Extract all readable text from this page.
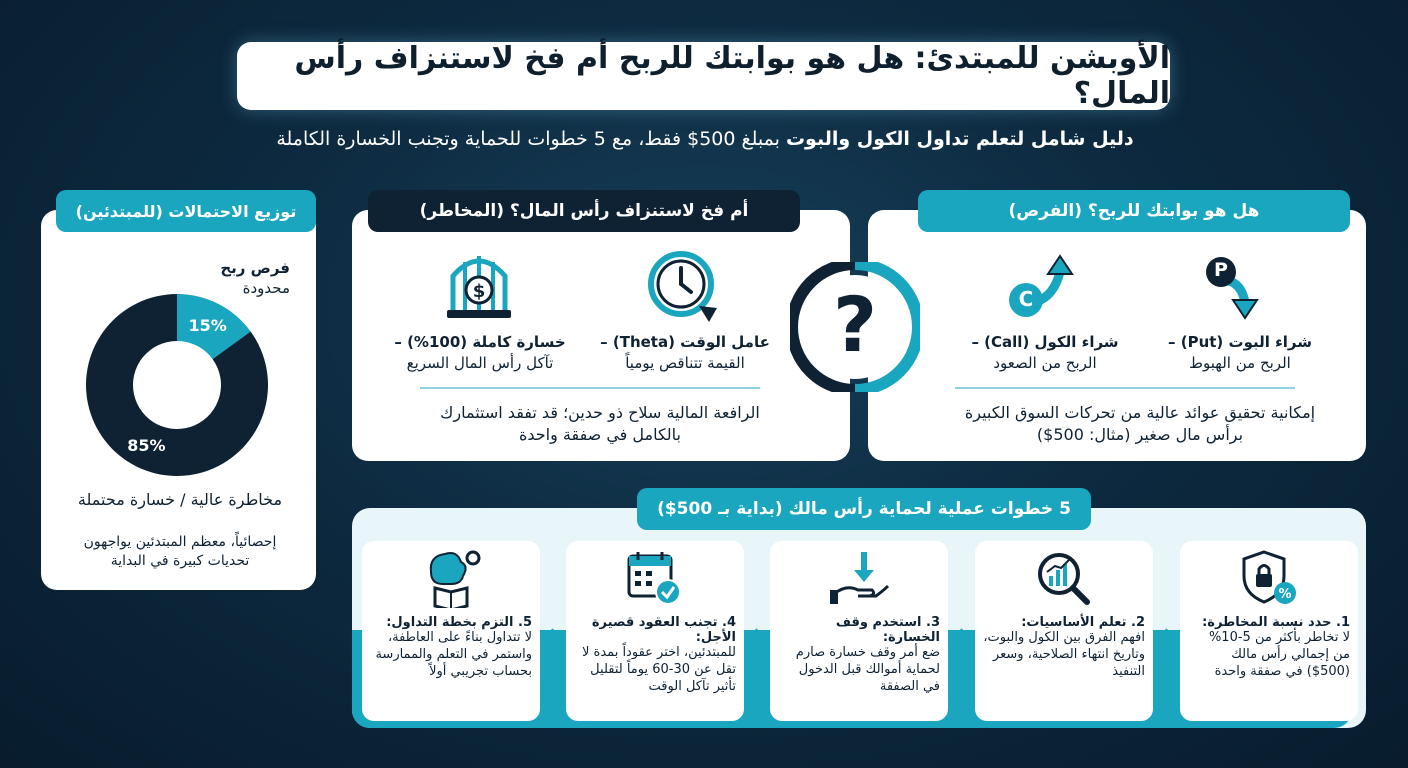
الأوبشن للمبتدئ: هل هو بوابتك للربح أم فخ لاستنزاف رأس المال؟
دليل شامل لتعلم تداول الكول والبوت بمبلغ 500$ فقط، مع 5 خطوات للحماية وتجنب الخسارة الكاملة
هل هو بوابتك للربح؟ (الفرص)
P
شراء البوت (Put) –
الربح من الهبوط
C
شراء الكول (Call) –
الربح من الصعود
إمكانية تحقيق عوائد عالية من تحركات السوق الكبيرة
برأس مال صغير (مثال: 500$)
أم فخ لاستنزاف رأس المال؟ (المخاطر)
عامل الوقت (Theta) –
القيمة تتناقص يومياً
$
خسارة كاملة (100%) –
تآكل رأس المال السريع
الرافعة المالية سلاح ذو حدين؛ قد تفقد استثمارك
بالكامل في صفقة واحدة
?
توزيع الاحتمالات (للمبتدئين)
فرص ربح
محدودة
15%
85%
مخاطرة عالية / خسارة محتملة
إحصائياً، معظم المبتدئين يواجهون
تحديات كبيرة في البداية
5 خطوات عملية لحماية رأس مالك (بداية بـ 500$)
%
1. حدد نسبة المخاطرة:
لا تخاطر بأكثر من 5-10% من إجمالي رأس مالك (500$) في صفقة واحدة
2. تعلم الأساسيات:
افهم الفرق بين الكول والبوت، وتاريخ انتهاء الصلاحية، وسعر التنفيذ
3. استخدم وقف الخسارة:
ضع أمر وقف خسارة صارم لحماية أموالك قبل الدخول في الصفقة
4. تجنب العقود قصيرة الأجل:
للمبتدئين، اختر عقوداً بمدة لا تقل عن 30-60 يوماً لتقليل تأثير تآكل الوقت
5. التزم بخطة التداول:
لا تتداول بناءً على العاطفة، واستمر في التعلم والممارسة بحساب تجريبي أولاً
